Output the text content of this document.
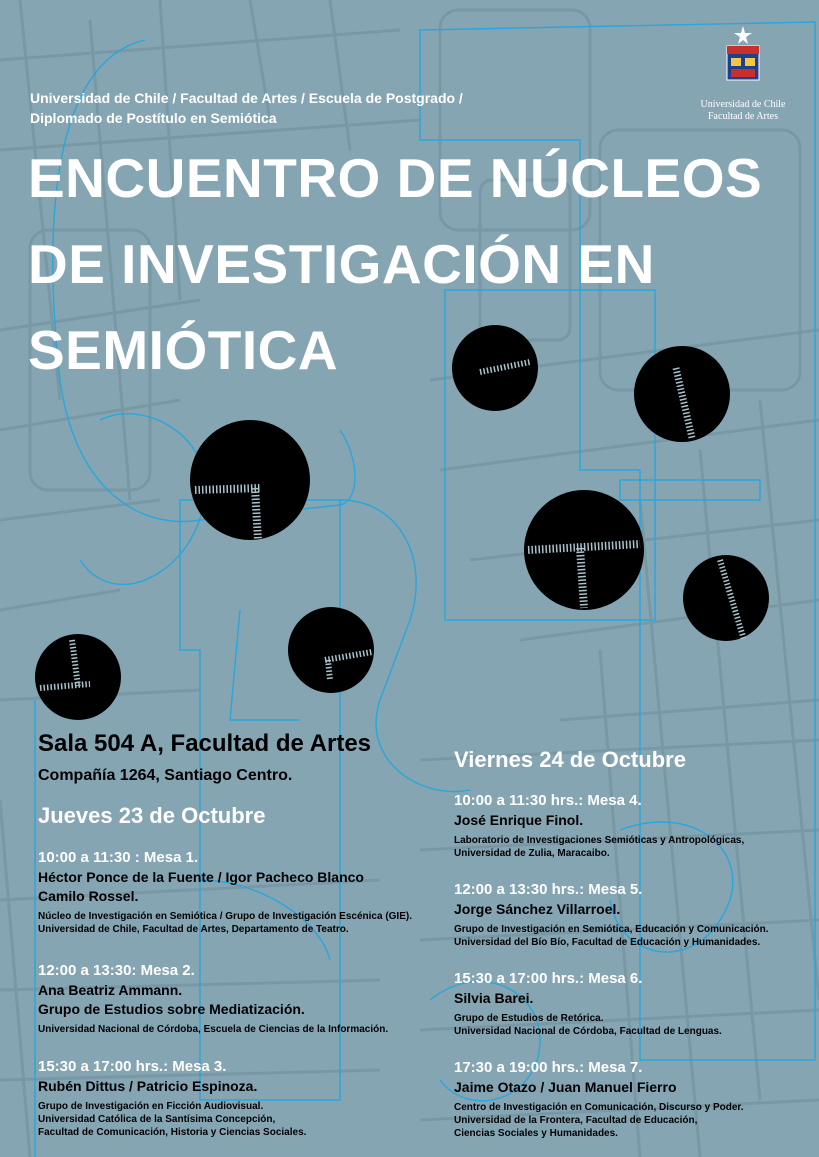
Universidad de Chile / Facultad de Artes / Escuela de Postgrado /
Diplomado de Postítulo en Semiótica
Universidad de Chile
Facultad de Artes
ENCUENTRO DE NÚCLEOS
DE INVESTIGACIÓN EN
SEMIÓTICA
Sala 504 A, Facultad de Artes
Compañía 1264, Santiago Centro.
Jueves 23 de Octubre
10:00 a 11:30 : Mesa 1.
Héctor Ponce de la Fuente / Igor Pacheco Blanco
Camilo Rossel.
Núcleo de Investigación en Semiótica / Grupo de Investigación Escénica (GIE).
Universidad de Chile, Facultad de Artes, Departamento de Teatro.
12:00 a 13:30: Mesa 2.
Ana Beatriz Ammann.
Grupo de Estudios sobre Mediatización.
Universidad Nacional de Córdoba, Escuela de Ciencias de la Información.
15:30 a 17:00 hrs.: Mesa 3.
Rubén Dittus / Patricio Espinoza.
Grupo de Investigación en Ficción Audiovisual.
Universidad Católica de la Santísima Concepción,
Facultad de Comunicación, Historia y Ciencias Sociales.
Viernes 24 de Octubre
10:00 a 11:30 hrs.: Mesa 4.
José Enrique Finol.
Laboratorio de Investigaciones Semióticas y Antropológicas,
Universidad de Zulia, Maracaibo.
12:00 a 13:30 hrs.: Mesa 5.
Jorge Sánchez Villarroel.
Grupo de Investigación en Semiótica, Educación y Comunicación.
Universidad del Bío Bío, Facultad de Educación y Humanidades.
15:30 a 17:00 hrs.: Mesa 6.
Silvia Barei.
Grupo de Estudios de Retórica.
Universidad Nacional de Córdoba, Facultad de Lenguas.
17:30 a 19:00 hrs.: Mesa 7.
Jaime Otazo / Juan Manuel Fierro
Centro de Investigación en Comunicación, Discurso y Poder.
Universidad de la Frontera, Facultad de Educación,
Ciencias Sociales y Humanidades.
